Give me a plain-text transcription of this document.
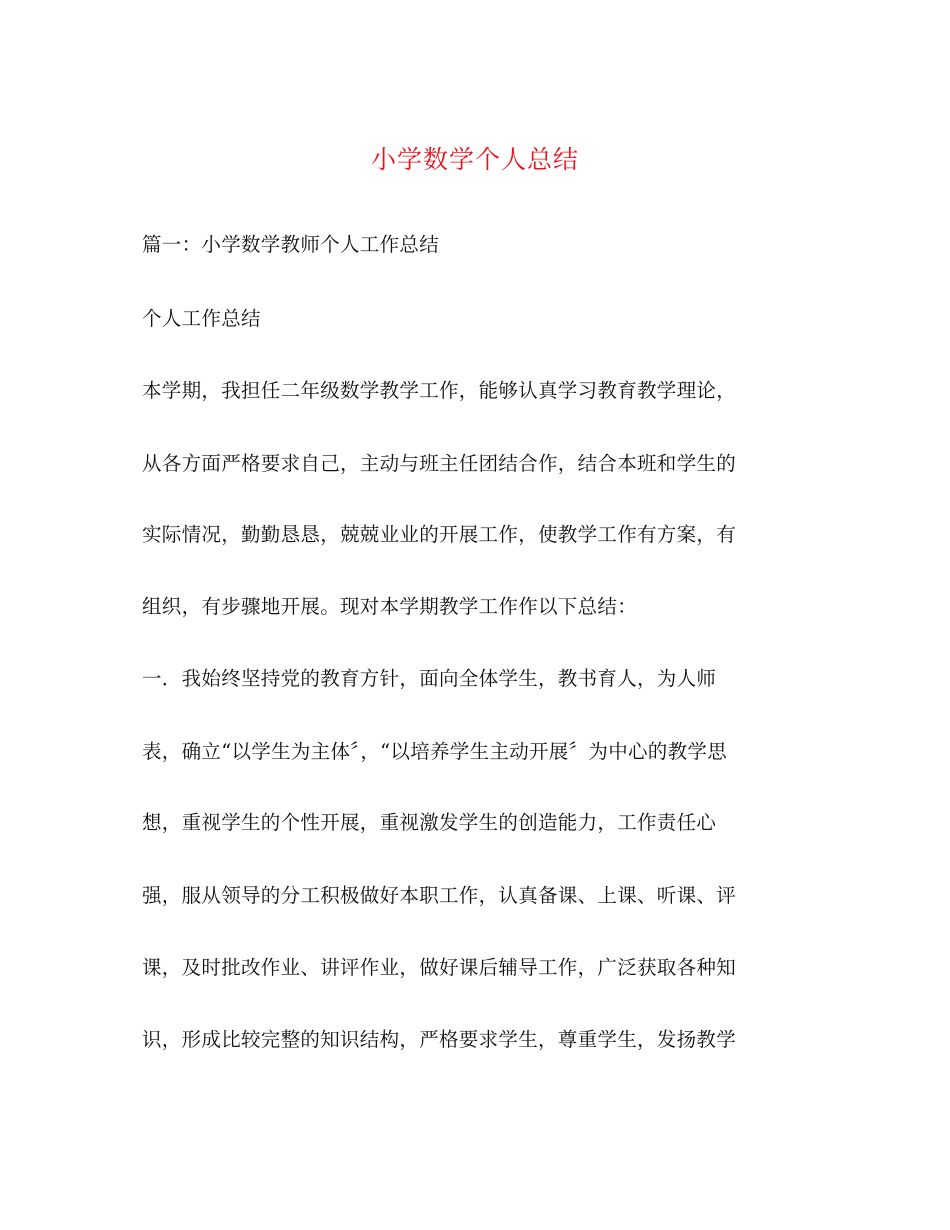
小学数学个人总结
篇一：小学数学教师个人工作总结
个人工作总结
本学期，我担任二年级数学教学工作，能够认真学习教育教学理论，
从各方面严格要求自己，主动与班主任团结合作，结合本班和学生的
实际情况，勤勤恳恳，兢兢业业的开展工作，使教学工作有方案，有
组织，有步骤地开展。现对本学期教学工作作以下总结：
一．我始终坚持党的教育方针，面向全体学生，教书育人，为人师
表，确立“以学生为主体〞，“以培养学生主动开展〞为中心的教学思
想，重视学生的个性开展，重视激发学生的创造能力，工作责任心
强，服从领导的分工积极做好本职工作，认真备课、上课、听课、评
课，及时批改作业、讲评作业，做好课后辅导工作，广泛获取各种知
识，形成比较完整的知识结构，严格要求学生，尊重学生，发扬教学
